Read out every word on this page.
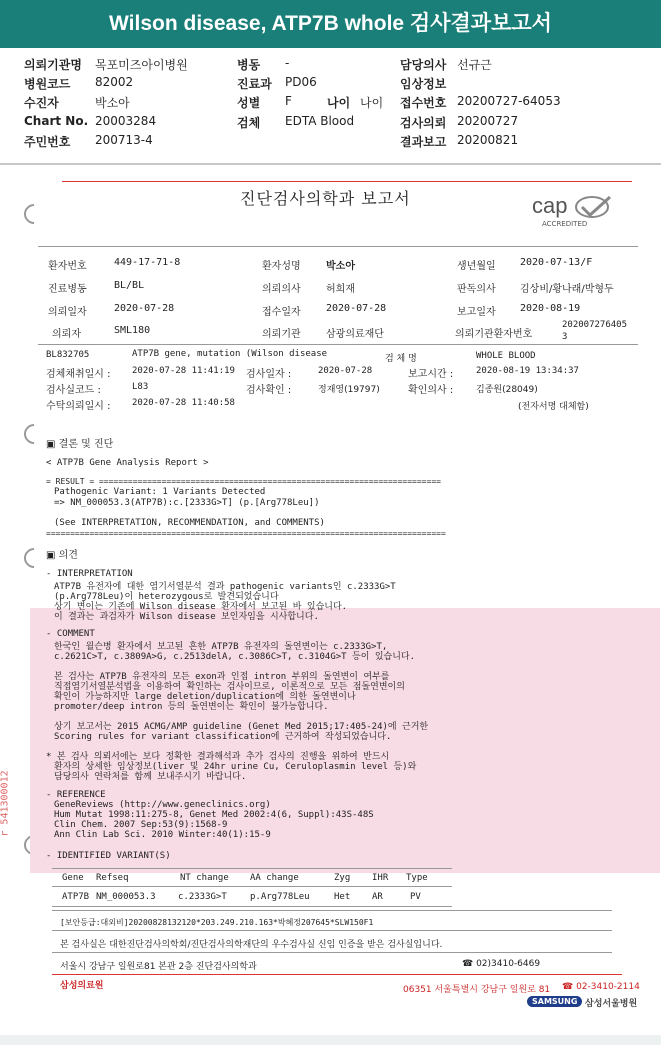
Wilson disease, ATP7B whole 검사결과보고서
의뢰기관명 목포미즈아이병원
병원코드 82002
수진자	박소아
Chart No. 20003284
주민번호 200713-4
병동 -
진료과 PD06
성별 F	나이 나이
검체 EDTA Blood
담당의사 선규근
임상정보
접수번호 20200727-64053
검사의뢰 20200727
결과보고 20200821
진단검사의학과 보고서	cap
ACCREDITED
환자번호	449-17-71-8	환자성명	박소아	생년월일 2020-07-13/F
진료병동	BL/BL	의뢰의사	허희재	판독의사 김상비/황나래/박형두
의뢰일자	2020-07-28	접수일자	2020-07-28	보고일자 2020-08-19
의뢰자	SML180	의뢰기관	삼광의료재단	의뢰기관환자번호
202007276405
3
BL832705	ATP7B gene, mutation (Wilson disease	검 체 명	WHOLE BLOOD
검체채취일시 : 2020-07-28 11:41:19 검사일자 :	2020-07-28	보고시간 :	2020-08-19 13:34:37
검사실코드 :	L83	검사확인 :	정재영(19797)	확인의사 :	김종원(28049)
수탁의뢰일시 : 2020-07-28 11:40:58	(전자서명 대체함)
▣ 결론 및 진단
< ATP7B Gene Analysis Report >
= RESULT = =======================================================================
Pathogenic Variant: 1 Variants Detected
=> NM_000053.3(ATP7B):c.[2333G>T] (p.[Arg778Leu])
(See INTERPRETATION, RECOMMENDATION, and COMMENTS)
===================================================================================
▣ 의견
- INTERPRETATION
ATP7B 유전자에 대한 염기서열분석 결과 pathogenic variants인 c.2333G>T
(p.Arg778Leu)이 heterozygous로 발견되었습니다
상기 변이는 기존에 Wilson disease 환자에서 보고된 바 있습니다.
이 결과는 과검자가 Wilson disease 보인자임을 시사합니다.
- COMMENT
한국인 윌슨병 환자에서 보고된 흔한 ATP7B 유전자의 돌연변이는 c.2333G>T,
c.2621C>T, c.3809A>G, c.2513delA, c.3086C>T, c.3104G>T 등이 있습니다.
본 검사는 ATP7B 유전자의 모든 exon과 인접 intron 부위의 돌연변이 여부를
직접염기서열분석법을 이용하여 확인하는 검사이므로, 이론적으로 모든 점돌연변이의
확인이 가능하지만 large deletion/duplication에 의한 돌연변이나
promoter/deep intron 등의 돌연변이는 확인이 불가능합니다.
상기 보고서는 2015 ACMG/AMP guideline (Genet Med 2015;17:405-24)에 근거한
Scoring rules for variant classification에 근거하여 작성되었습니다.
* 본 검사 의뢰서에는 보다 정확한 결과해석과 추가 검사의 진행을 위하여 반드시
환자의 상세한 임상정보(liver 및 24hr urine Cu, Ceruloplasmin level 등)와
담당의사 연락처를 함께 보내주시기 바랍니다.
- REFERENCE
GeneReviews (http://www.geneclinics.org)
Hum Mutat 1998:11:275-8, Genet Med 2002:4(6, Suppl):43S-48S
Clin Chem. 2007 Sep:53(9):1568-9
Ann Clin Lab Sci. 2010 Winter:40(1):15-9
- IDENTIFIED VARIANT(S)
Gene Refseq	NT change AA change	Zyg IHR Type
ATP7B NM_000053.3 c.2333G>T	p.Arg778Leu	Het AR	PV
r 541300012
[보안등급:대외비]20200828132120*203.249.210.163*박혜정207645*SLW150F1
본 검사실은 대한진단검사의학회/진단검사의학재단의 우수검사실 신임 인증을 받은 검사실입니다.
서울시 강남구 일원로81 본관 2층 진단검사의학과	☎ 02)3410-6469
삼성의료원	06351 서울특별시 강남구 일원로 81 ☎ 02-3410-2114
SAMSUNG 삼성서울병원
